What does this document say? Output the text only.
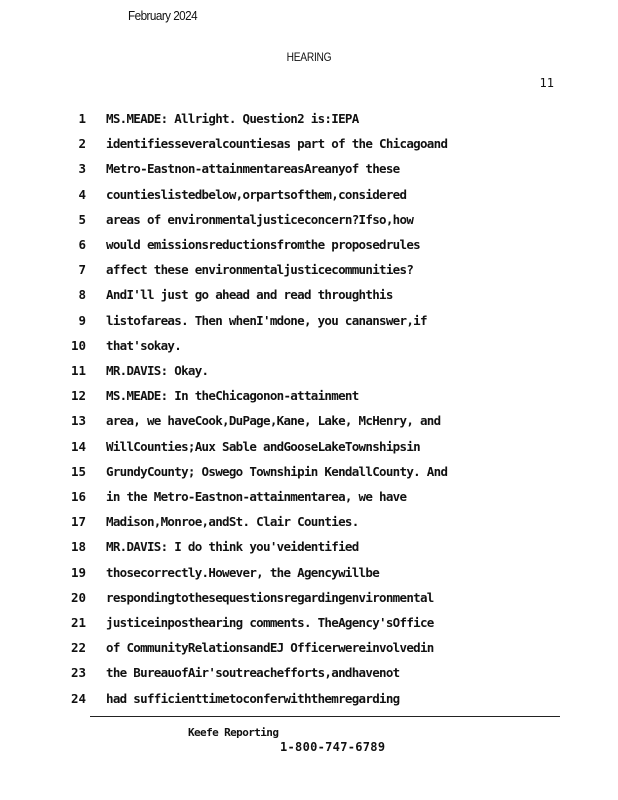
February 2024
HEARING
11
1 MS.MEADE: Allright. Question2 is:IEPA
2 identifiesseveralcountiesas part of the Chicagoand
3 Metro-Eastnon-attainmentareasAreanyof these
4 countieslistedbelow,orpartsofthem,considered
5 areas of environmentaljusticeconcern?Ifso,how
6 would emissionsreductionsfromthe proposedrules
7 affect these environmentaljusticecommunities?
8 AndI'll just go ahead and read throughthis
9 listofareas. Then whenI'mdone, you cananswer,if
10 that'sokay.
11 MR.DAVIS: Okay.
12 MS.MEADE: In theChicagonon-attainment
13 area, we haveCook,DuPage,Kane, Lake, McHenry, and
14 WillCounties;Aux Sable andGooseLakeTownshipsin
15 GrundyCounty; Oswego Townshipin KendallCounty. And
16 in the Metro-Eastnon-attainmentarea, we have
17 Madison,Monroe,andSt. Clair Counties.
18 MR.DAVIS: I do think you'veidentified
19 thosecorrectly.However, the Agencywillbe
20 respondingtothesequestionsregardingenvironmental
21 justiceinposthearing comments. TheAgency'sOffice
22 of CommunityRelationsandEJ Officerwereinvolvedin
23 the BureauofAir'soutreachefforts,andhavenot
24 had sufficienttimetoconferwiththemregarding
Keefe Reporting
1-800-747-6789
